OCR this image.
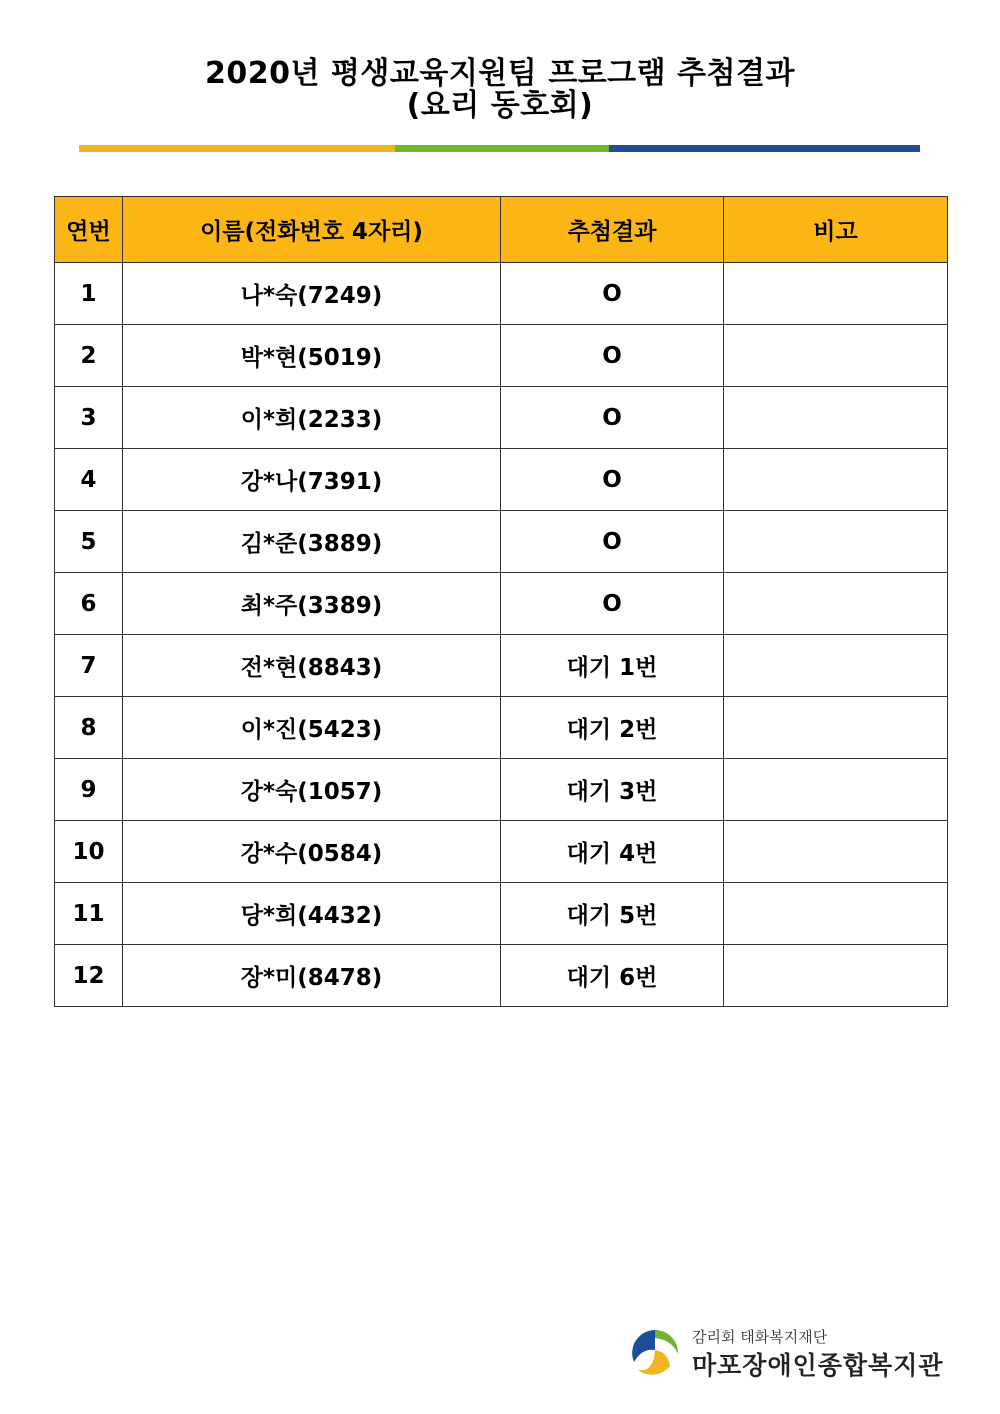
2020년 평생교육지원팀 프로그램 추첨결과
(요리 동호회)
연번	이름(전화번호 4자리)	추첨결과	비고
1	나*숙(7249)	O	
2	박*현(5019)	O	
3	이*희(2233)	O	
4	강*나(7391)	O	
5	김*준(3889)	O	
6	최*주(3389)	O	
7	전*현(8843)	대기 1번	
8	이*진(5423)	대기 2번	
9	강*숙(1057)	대기 3번	
10	강*수(0584)	대기 4번	
11	당*희(4432)	대기 5번	
12	장*미(8478)	대기 6번	
감리회 태화복지재단
마포장애인종합복지관
